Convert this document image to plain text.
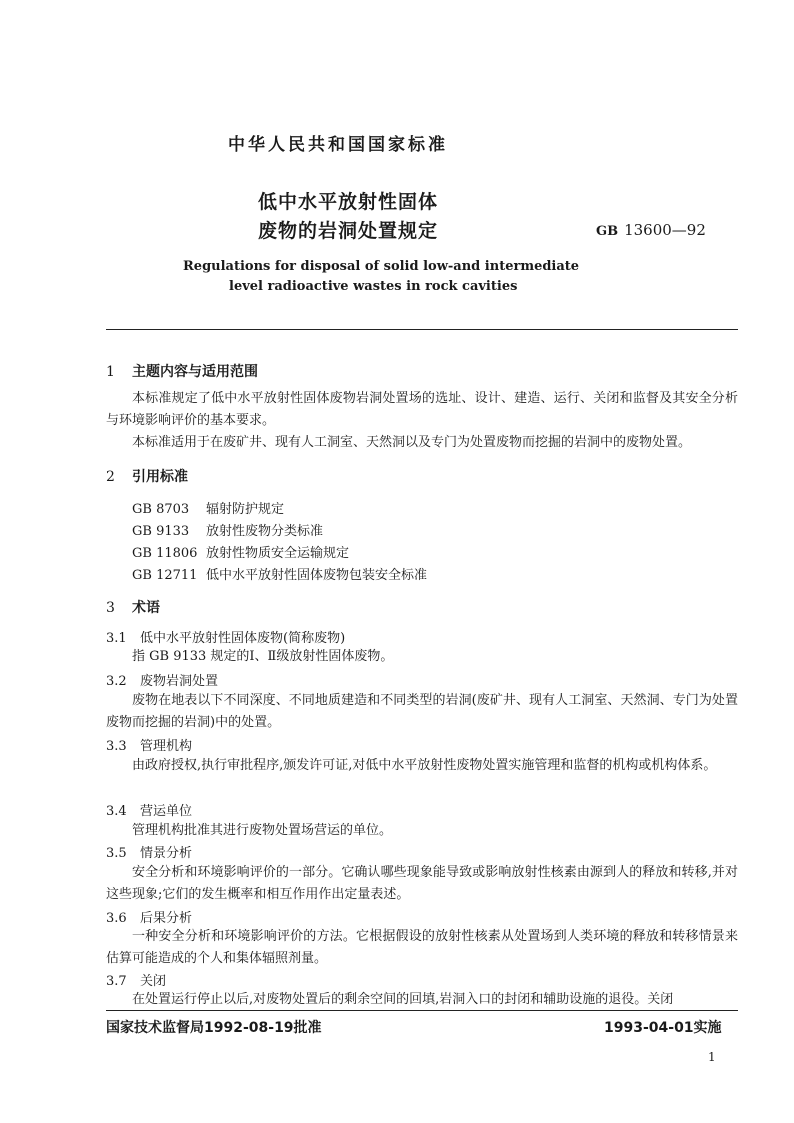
中华人民共和国国家标准
低中水平放射性固体
废物的岩洞处置规定	GB 13600—92
Regulations for disposal of solid low-and intermediate
level radioactive wastes in rock cavities
1 主题内容与适用范围
本标准规定了低中水平放射性固体废物岩洞处置场的选址、设计、建造、运行、关闭和监督及其安全分析与环境影响评价的基本要求。
本标准适用于在废矿井、现有人工洞室、天然洞以及专门为处置废物而挖掘的岩洞中的废物处置。
2 引用标准
GB 8703 辐射防护规定
GB 9133 放射性废物分类标准
GB 11806 放射性物质安全运输规定
GB 12711 低中水平放射性固体废物包装安全标准
3 术语
3.1 低中水平放射性固体废物(简称废物)
指 GB 9133 规定的Ⅰ、Ⅱ级放射性固体废物。
3.2 废物岩洞处置
废物在地表以下不同深度、不同地质建造和不同类型的岩洞(废矿井、现有人工洞室、天然洞、专门为处置废物而挖掘的岩洞)中的处置。
3.3 管理机构
由政府授权,执行审批程序,颁发许可证,对低中水平放射性废物处置实施管理和监督的机构或机构体系。
3.4 营运单位
管理机构批准其进行废物处置场营运的单位。
3.5 情景分析
安全分析和环境影响评价的一部分。它确认哪些现象能导致或影响放射性核素由源到人的释放和转移,并对这些现象;它们的发生概率和相互作用作出定量表述。
3.6 后果分析
一种安全分析和环境影响评价的方法。它根据假设的放射性核素从处置场到人类环境的释放和转移情景来估算可能造成的个人和集体辐照剂量。
3.7 关闭
在处置运行停止以后,对废物处置后的剩余空间的回填,岩洞入口的封闭和辅助设施的退役。关闭
国家技术监督局1992-08-19批准	1993-04-01实施
1
